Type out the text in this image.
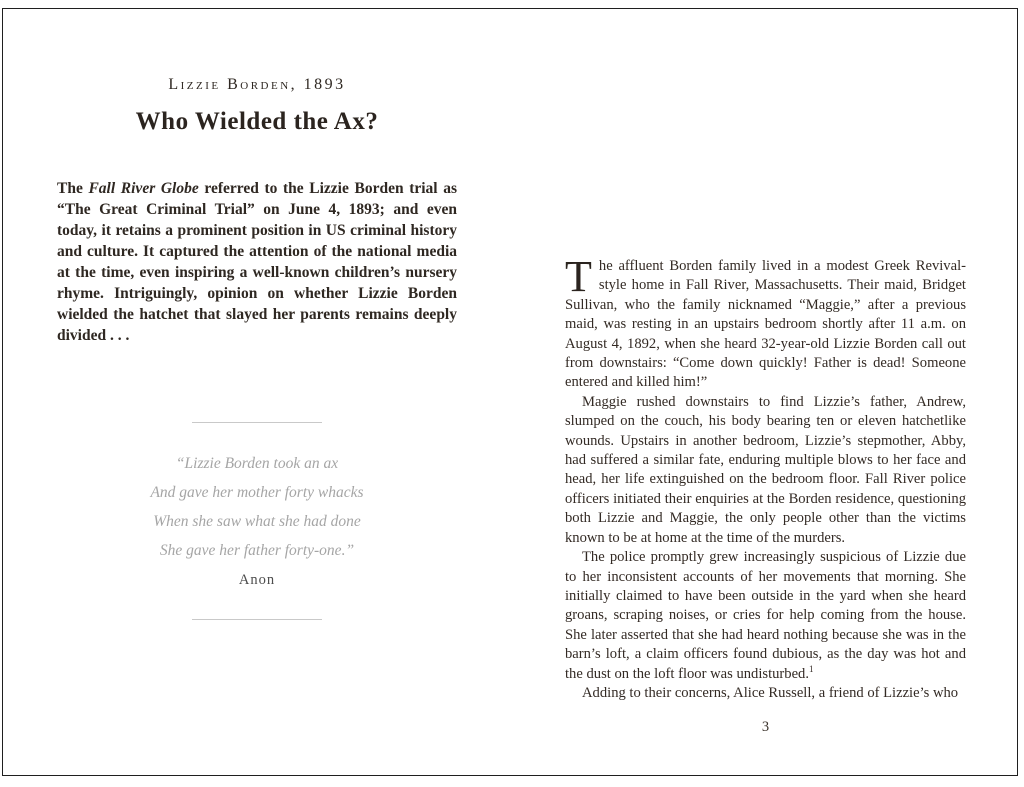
Lizzie Borden, 1893
Who Wielded the Ax?

The Fall River Globe referred to the Lizzie Borden trial as “The Great Criminal Trial” on June 4, 1893; and even today, it retains a prominent position in US criminal history and culture. It captured the attention of the national media at the time, even inspiring a well-known children’s nursery rhyme. Intriguingly, opinion on whether Lizzie Borden wielded the hatchet that slayed her parents remains deeply divided . . .

“Lizzie Borden took an ax
And gave her mother forty whacks
When she saw what she had done
She gave her father forty-one.”
Anon

The affluent Borden family lived in a modest Greek Revival-style home in Fall River, Massachusetts. Their maid, Bridget Sullivan, who the family nicknamed “Maggie,” after a previous maid, was resting in an upstairs bedroom shortly after 11 a.m. on August 4, 1892, when she heard 32-year-old Lizzie Borden call out from downstairs: “Come down quickly! Father is dead! Someone entered and killed him!”

Maggie rushed downstairs to find Lizzie’s father, Andrew, slumped on the couch, his body bearing ten or eleven hatchetlike wounds. Upstairs in another bedroom, Lizzie’s stepmother, Abby, had suffered a similar fate, enduring multiple blows to her face and head, her life extinguished on the bedroom floor. Fall River police officers initiated their enquiries at the Borden residence, questioning both Lizzie and Maggie, the only people other than the victims known to be at home at the time of the murders.

The police promptly grew increasingly suspicious of Lizzie due to her inconsistent accounts of her movements that morning. She initially claimed to have been outside in the yard when she heard groans, scraping noises, or cries for help coming from the house. She later asserted that she had heard nothing because she was in the barn’s loft, a claim officers found dubious, as the day was hot and the dust on the loft floor was undisturbed.$^1$

Adding to their concerns, Alice Russell, a friend of Lizzie’s who

3
